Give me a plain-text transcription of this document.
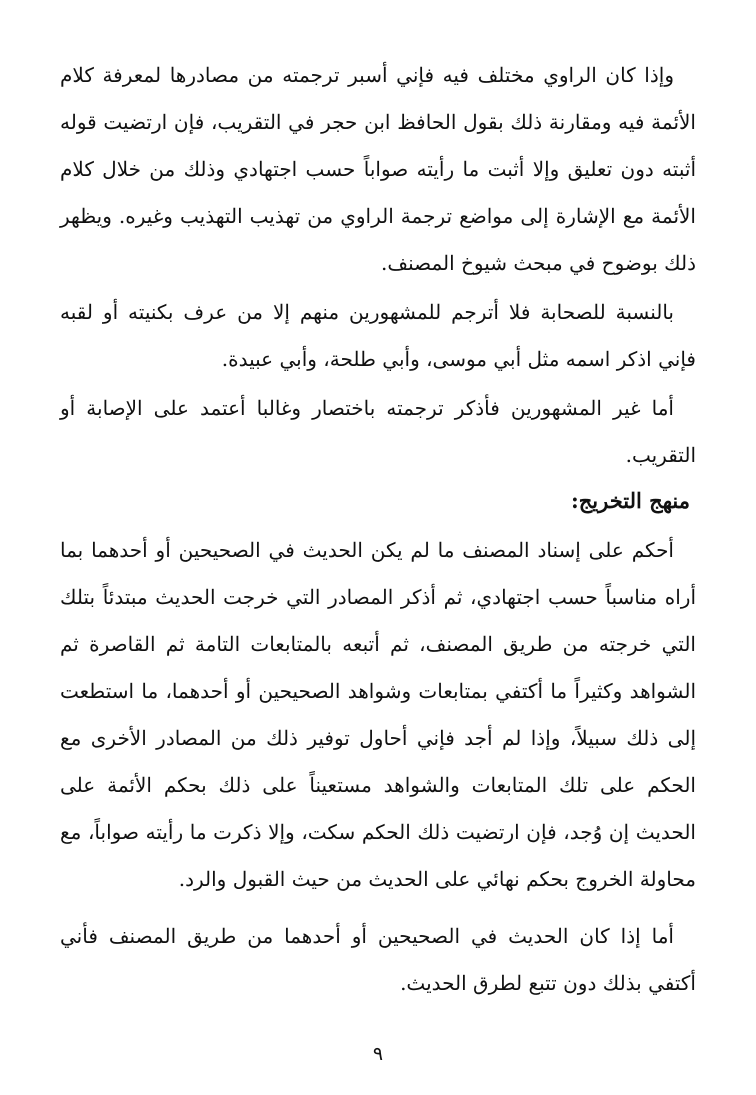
وإذا كان الراوي مختلف فيه فإني أسبر ترجمته من مصادرها لمعرفة كلام الأئمة فيه ومقارنة ذلك بقول الحافظ ابن حجر في التقريب، فإن ارتضيت قوله أثبته دون تعليق وإلا أثبت ما رأيته صواباً حسب اجتهادي وذلك من خلال كلام الأئمة مع الإشارة إلى مواضع ترجمة الراوي من تهذيب التهذيب وغيره. ويظهر ذلك بوضوح في مبحث شيوخ المصنف.

بالنسبة للصحابة فلا أترجم للمشهورين منهم إلا من عرف بكنيته أو لقبه فإني اذكر اسمه مثل أبي موسى، وأبي طلحة، وأبي عبيدة.

أما غير المشهورين فأذكر ترجمته باختصار وغالبا أعتمد على الإصابة أو التقريب.

منهج التخريج:

أحكم على إسناد المصنف ما لم يكن الحديث في الصحيحين أو أحدهما بما أراه مناسباً حسب اجتهادي، ثم أذكر المصادر التي خرجت الحديث مبتدئاً بتلك التي خرجته من طريق المصنف، ثم أتبعه بالمتابعات التامة ثم القاصرة ثم الشواهد وكثيراً ما أكتفي بمتابعات وشواهد الصحيحين أو أحدهما، ما استطعت إلى ذلك سبيلاً، وإذا لم أجد فإني أحاول توفير ذلك من المصادر الأخرى مع الحكم على تلك المتابعات والشواهد مستعيناً على ذلك بحكم الأئمة على الحديث إن وُجد، فإن ارتضيت ذلك الحكم سكت، وإلا ذكرت ما رأيته صواباً، مع محاولة الخروج بحكم نهائي على الحديث من حيث القبول والرد.

أما إذا كان الحديث في الصحيحين أو أحدهما من طريق المصنف فأني أكتفي بذلك دون تتبع لطرق الحديث.

٩
